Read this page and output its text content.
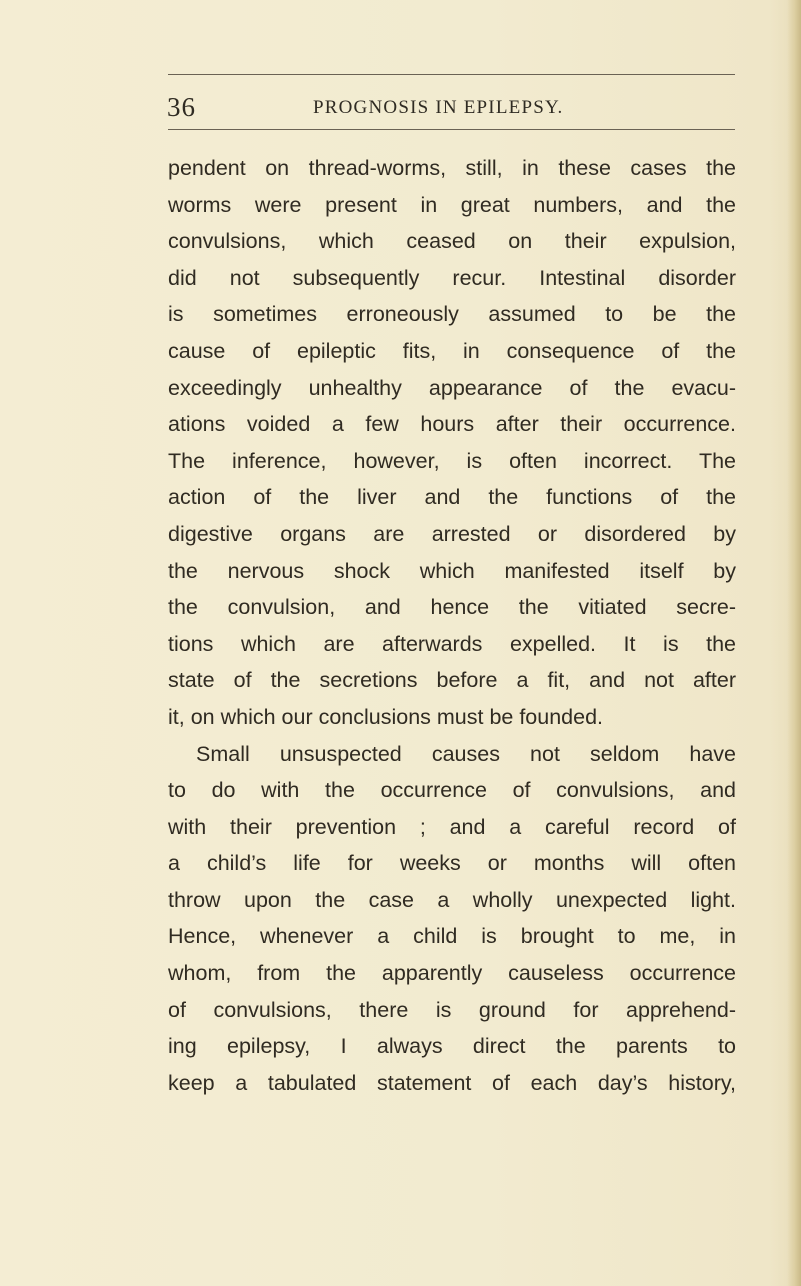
36	PROGNOSIS IN EPILEPSY.
pendent on thread-worms, still, in these cases the
worms were present in great numbers, and the
convulsions, which ceased on their expulsion,
did not subsequently recur. Intestinal disorder
is sometimes erroneously assumed to be the
cause of epileptic fits, in consequence of the
exceedingly unhealthy appearance of the evacu-
ations voided a few hours after their occurrence.
The inference, however, is often incorrect. The
action of the liver and the functions of the
digestive organs are arrested or disordered by
the nervous shock which manifested itself by
the convulsion, and hence the vitiated secre-
tions which are afterwards expelled. It is the
state of the secretions before a fit, and not after
it, on which our conclusions must be founded.
Small unsuspected causes not seldom have
to do with the occurrence of convulsions, and
with their prevention ; and a careful record of
a child’s life for weeks or months will often
throw upon the case a wholly unexpected light.
Hence, whenever a child is brought to me, in
whom, from the apparently causeless occurrence
of convulsions, there is ground for apprehend-
ing epilepsy, I always direct the parents to
keep a tabulated statement of each day’s history,
